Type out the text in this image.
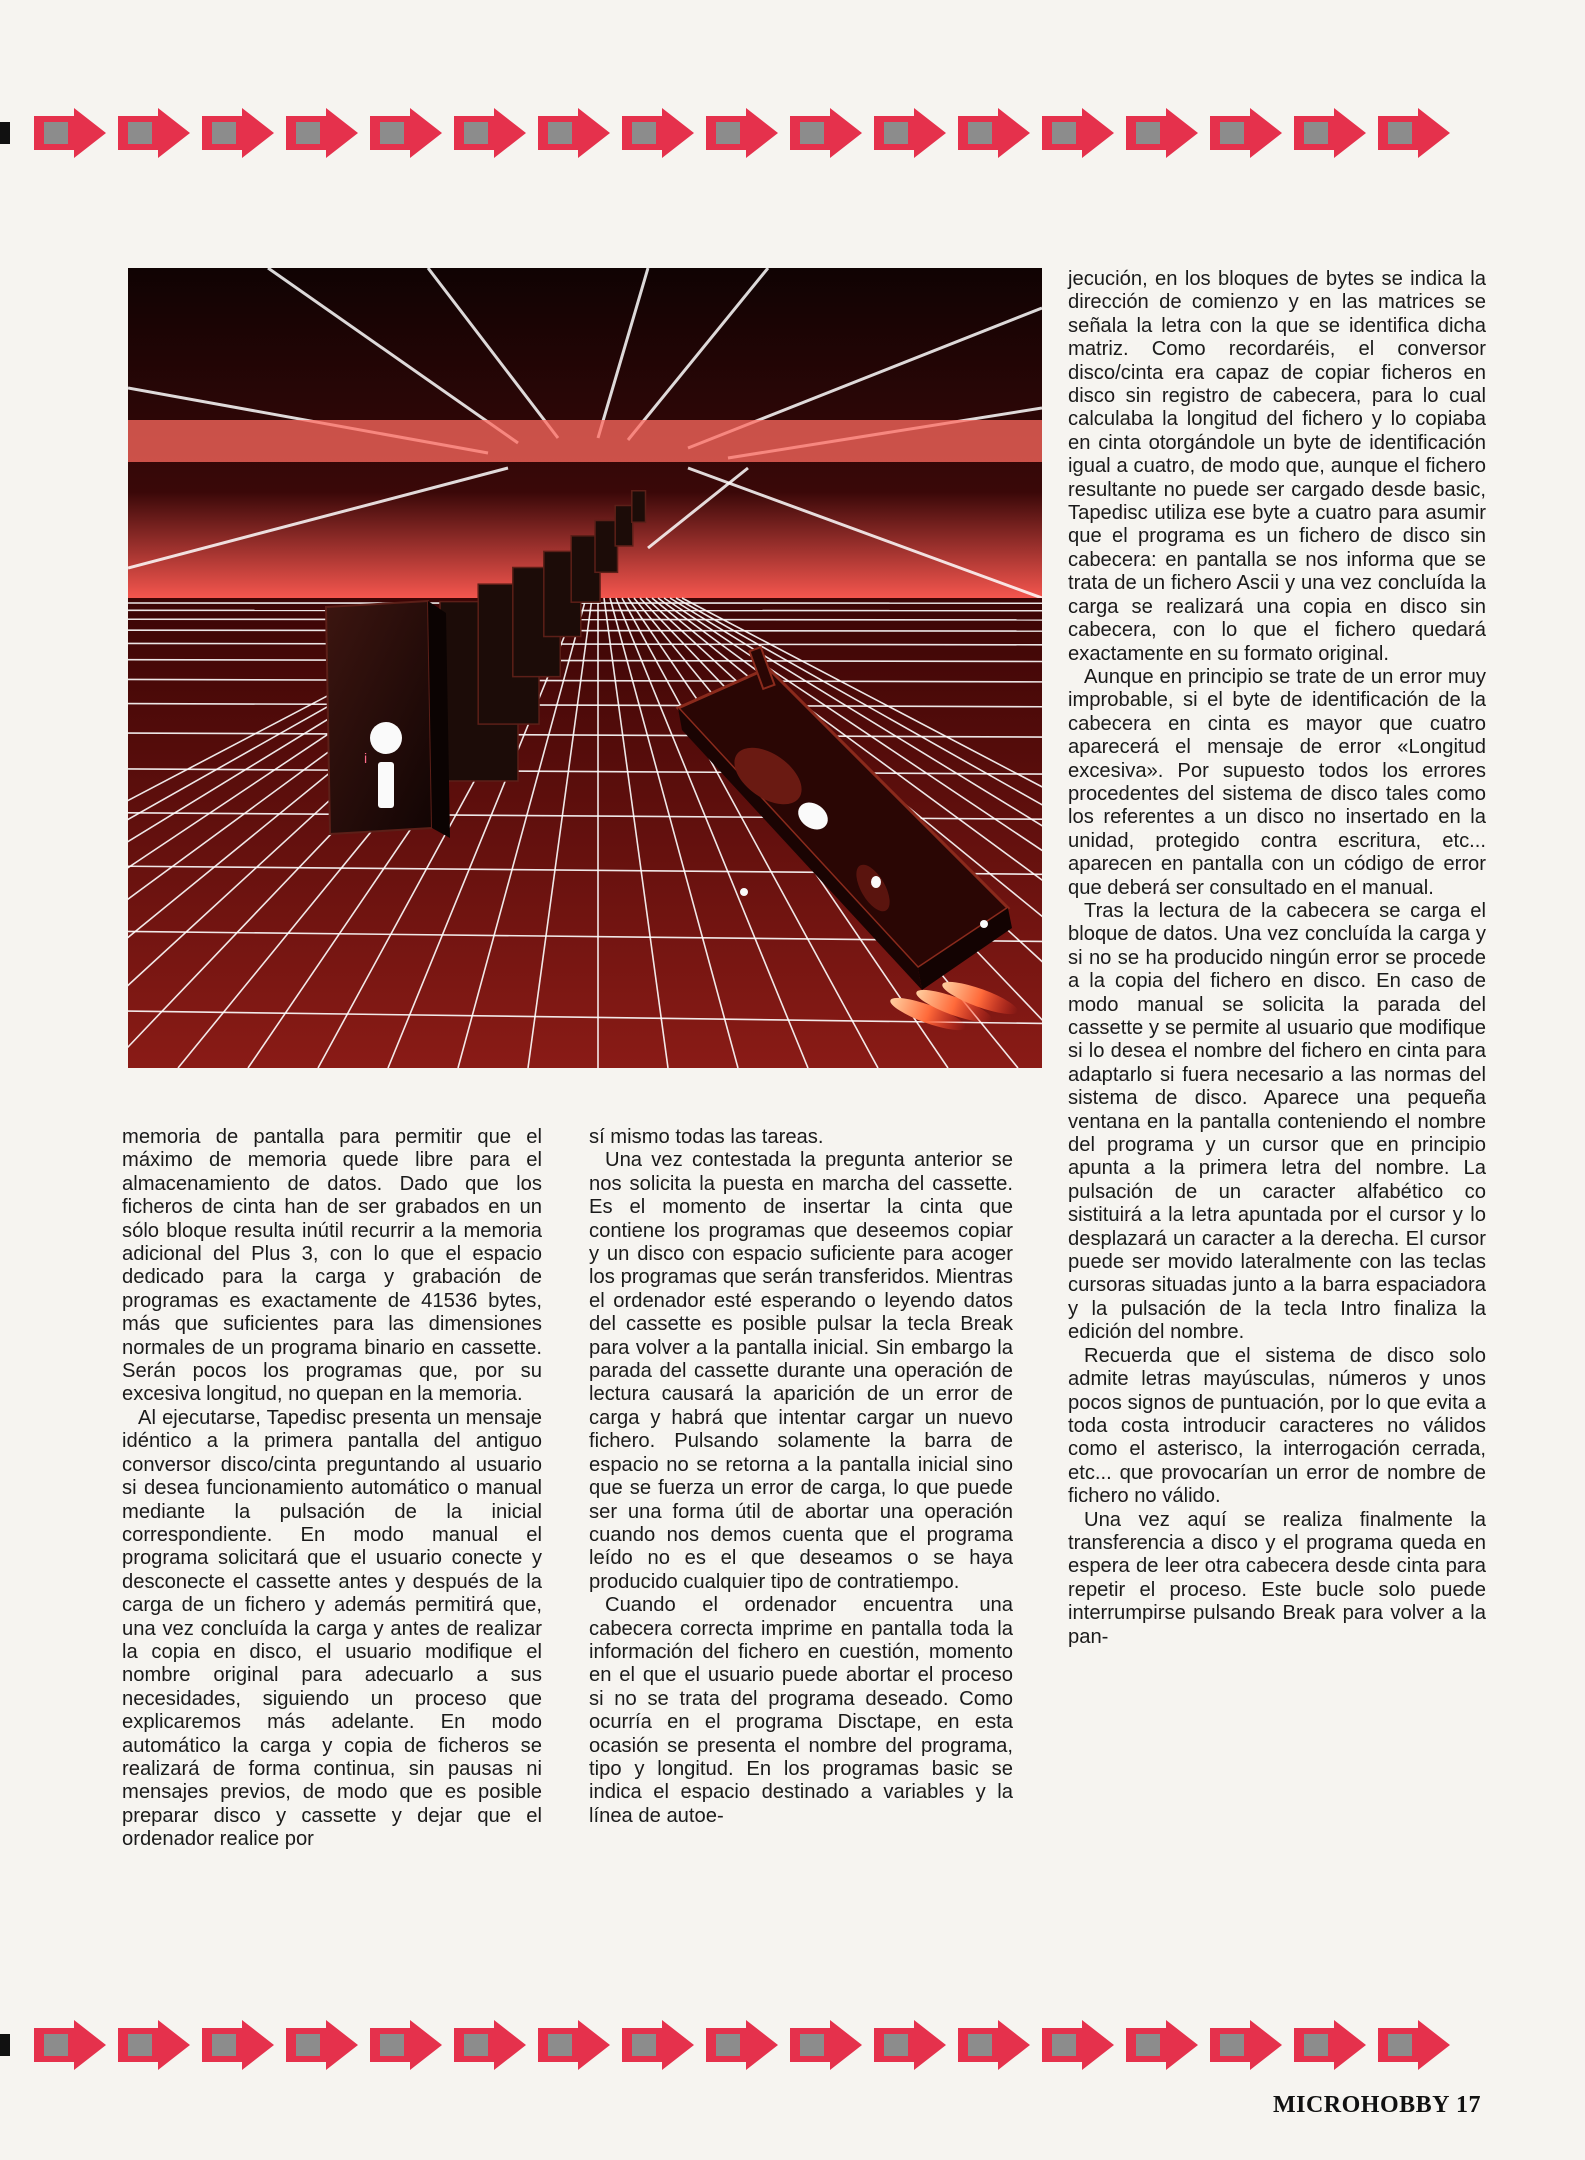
i

memoria de pantalla para permitir que el máximo de memoria quede libre para el almacenamiento de datos. Dado que los ficheros de cinta han de ser grabados en un sólo bloque resulta inútil recurrir a la memoria adicional del Plus 3, con lo que el espacio dedicado para la carga y grabación de programas es exactamente de 41536 bytes, más que suficientes para las dimensiones normales de un programa binario en cassette. Serán pocos los programas que, por su excesiva longitud, no quepan en la memoria.

Al ejecutarse, Tapedisc presenta un mensaje idéntico a la primera pantalla del antiguo conversor disco/cinta preguntando al usuario si desea funcionamiento automático o manual mediante la pulsación de la inicial correspondiente. En modo manual el programa solicitará que el usuario conecte y desconecte el cassette antes y después de la carga de un fichero y además permitirá que, una vez concluída la carga y antes de realizar la copia en disco, el usuario modifique el nombre original para adecuarlo a sus necesidades, siguiendo un proceso que explicaremos más adelante. En modo automático la carga y copia de ficheros se realizará de forma continua, sin pausas ni mensajes previos, de modo que es posible preparar disco y cassette y dejar que el ordenador realice por

sí mismo todas las tareas.

Una vez contestada la pregunta anterior se nos solicita la puesta en marcha del cassette. Es el momento de insertar la cinta que contiene los programas que deseemos copiar y un disco con espacio suficiente para acoger los programas que serán transferidos. Mientras el ordenador esté esperando o leyendo datos del cassette es posible pulsar la tecla Break para volver a la pantalla inicial. Sin embargo la parada del cassette durante una operación de lectura causará la aparición de un error de carga y habrá que intentar cargar un nuevo fichero. Pulsando solamente la barra de espacio no se retorna a la pantalla inicial sino que se fuerza un error de carga, lo que puede ser una forma útil de abortar una operación cuando nos demos cuenta que el programa leído no es el que deseamos o se haya producido cualquier tipo de contratiempo.

Cuando el ordenador encuentra una cabecera correcta imprime en pantalla toda la información del fichero en cuestión, momento en el que el usuario puede abortar el proceso si no se trata del programa deseado. Como ocurría en el programa Disctape, en esta ocasión se presenta el nombre del programa, tipo y longitud. En los programas basic se indica el espacio destinado a variables y la línea de autoe-

jecución, en los bloques de bytes se indica la dirección de comienzo y en las matrices se señala la letra con la que se identifica dicha matriz. Como recordaréis, el conversor disco/cinta era capaz de copiar ficheros en disco sin registro de cabecera, para lo cual calculaba la longitud del fichero y lo copiaba en cinta otorgándole un byte de identificación igual a cuatro, de modo que, aunque el fichero resultante no puede ser cargado desde basic, Tapedisc utiliza ese byte a cuatro para asumir que el programa es un fichero de disco sin cabecera: en pantalla se nos informa que se trata de un fichero Ascii y una vez concluída la carga se realizará una copia en disco sin cabecera, con lo que el fichero quedará exactamente en su formato original.

Aunque en principio se trate de un error muy improbable, si el byte de identificación de la cabecera en cinta es mayor que cuatro aparecerá el mensaje de error «Longitud excesiva». Por supuesto todos los errores procedentes del sistema de disco tales como los referentes a un disco no insertado en la unidad, protegido contra escritura, etc... aparecen en pantalla con un código de error que deberá ser consultado en el manual.

Tras la lectura de la cabecera se carga el bloque de datos. Una vez concluída la carga y si no se ha producido ningún error se procede a la copia del fichero en disco. En caso de modo manual se solicita la parada del cassette y se permite al usuario que modifique si lo desea el nombre del fichero en cinta para adaptarlo si fuera necesario a las normas del sistema de disco. Aparece una pequeña ventana en la pantalla conteniendo el nombre del programa y un cursor que en principio apunta a la primera letra del nombre. La pulsación de un caracter alfabético co sistituirá a la letra apuntada por el cursor y lo desplazará un caracter a la derecha. El cursor puede ser movido lateralmente con las teclas cursoras situadas junto a la barra espaciadora y la pulsación de la tecla Intro finaliza la edición del nombre.

Recuerda que el sistema de disco solo admite letras mayúsculas, números y unos pocos signos de puntuación, por lo que evita a toda costa introducir caracteres no válidos como el asterisco, la interrogación cerrada, etc... que provocarían un error de nombre de fichero no válido.

Una vez aquí se realiza finalmente la transferencia a disco y el programa queda en espera de leer otra cabecera desde cinta para repetir el proceso. Este bucle solo puede interrumpirse pulsando Break para volver a la pan-

MICROHOBBY 17
